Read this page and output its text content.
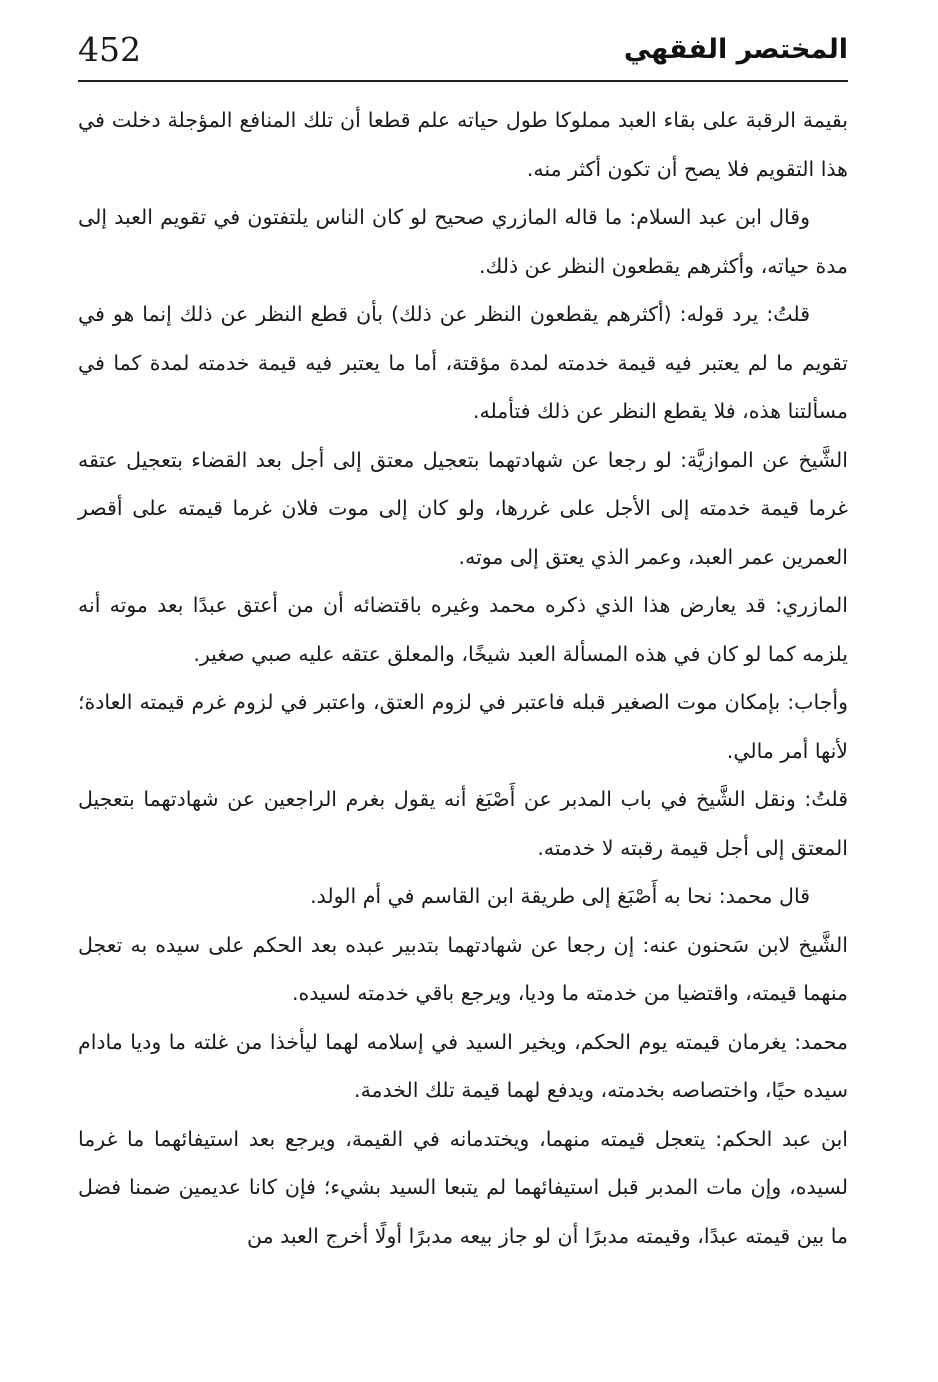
452	المختصر الفقهي

بقيمة الرقبة على بقاء العبد مملوكا طول حياته علم قطعا أن تلك المنافع المؤجلة دخلت في هذا التقويم فلا يصح أن تكون أكثر منه.

وقال ابن عبد السلام: ما قاله المازري صحيح لو كان الناس يلتفتون في تقويم العبد إلى مدة حياته، وأكثرهم يقطعون النظر عن ذلك.

قلتُ: يرد قوله: (أكثرهم يقطعون النظر عن ذلك) بأن قطع النظر عن ذلك إنما هو في تقويم ما لم يعتبر فيه قيمة خدمته لمدة مؤقتة، أما ما يعتبر فيه قيمة خدمته لمدة كما في مسألتنا هذه، فلا يقطع النظر عن ذلك فتأمله.

الشَّيخ عن الموازيَّة: لو رجعا عن شهادتهما بتعجيل معتق إلى أجل بعد القضاء بتعجيل عتقه غرما قيمة خدمته إلى الأجل على غررها، ولو كان إلى موت فلان غرما قيمته على أقصر العمرين عمر العبد، وعمر الذي يعتق إلى موته.

المازري: قد يعارض هذا الذي ذكره محمد وغيره باقتضائه أن من أعتق عبدًا بعد موته أنه يلزمه كما لو كان في هذه المسألة العبد شيخًا، والمعلق عتقه عليه صبي صغير.

وأجاب: بإمكان موت الصغير قبله فاعتبر في لزوم العتق، واعتبر في لزوم غرم قيمته العادة؛ لأنها أمر مالي.

قلتُ: ونقل الشَّيخ في باب المدبر عن أَصْبَغ أنه يقول بغرم الراجعين عن شهادتهما بتعجيل المعتق إلى أجل قيمة رقبته لا خدمته.

قال محمد: نحا به أَصْبَغ إلى طريقة ابن القاسم في أم الولد.

الشَّيخ لابن سَحنون عنه: إن رجعا عن شهادتهما بتدبير عبده بعد الحكم على سيده به تعجل منهما قيمته، واقتضيا من خدمته ما وديا، ويرجع باقي خدمته لسيده.

محمد: يغرمان قيمته يوم الحكم، ويخير السيد في إسلامه لهما ليأخذا من غلته ما وديا مادام سيده حيًا، واختصاصه بخدمته، ويدفع لهما قيمة تلك الخدمة.

ابن عبد الحكم: يتعجل قيمته منهما، ويختدمانه في القيمة، ويرجع بعد استيفائهما ما غرما لسيده، وإن مات المدبر قبل استيفائهما لم يتبعا السيد بشيء؛ فإن كانا عديمين ضمنا فضل ما بين قيمته عبدًا، وقيمته مدبرًا أن لو جاز بيعه مدبرًا أولًا أخرج العبد من
